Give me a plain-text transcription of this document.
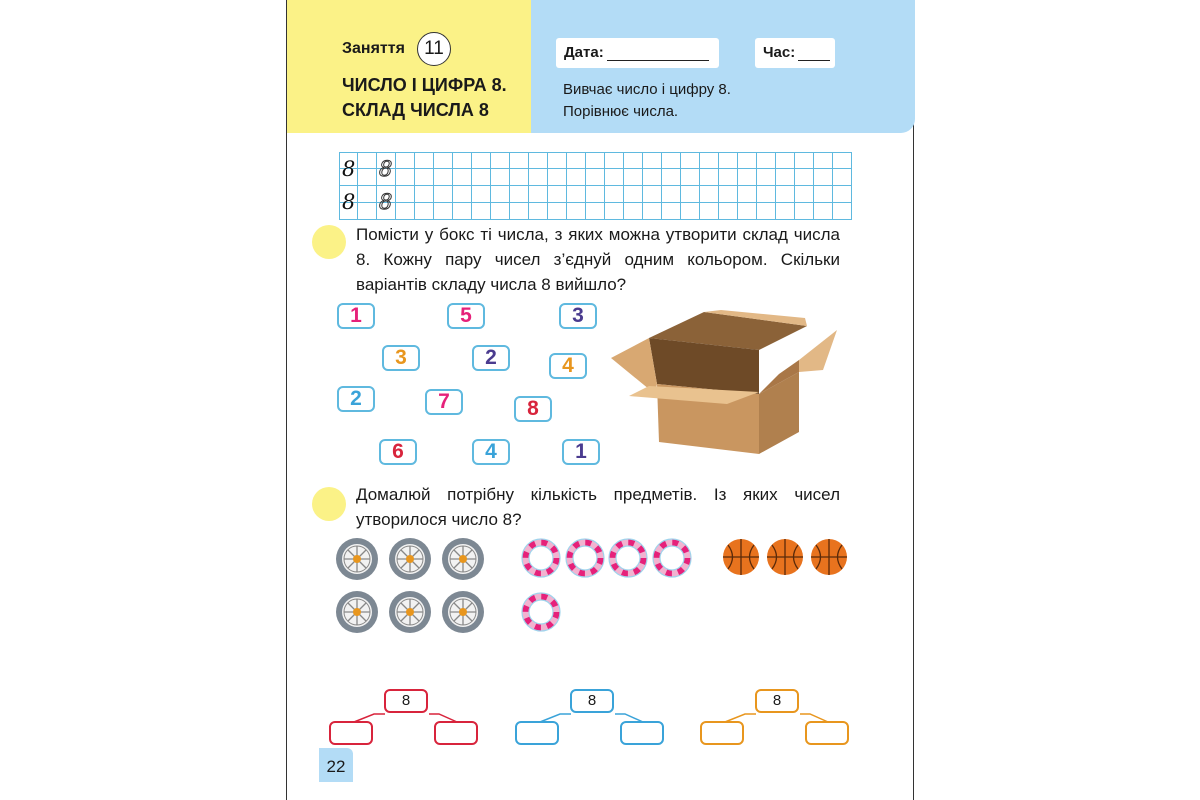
Заняття	11
ЧИСЛО І ЦИФРА 8.
СКЛАД ЧИСЛА 8
Дата:	Час:
Вивчає число і цифру 8.
Порівнює числа.
8 8
8 8
Помісти у бокс ті числа, з яких можна утворити склад числа 8. Кожну пару чисел з’єднуй одним кольором. Скільки варіантів складу числа 8 вийшло?
1	5	3
3	2	4
2	7	8
6	4	1
Домалюй потрібну кількість предметів. Із яких чисел утворилося число 8?
8	8	8
22
